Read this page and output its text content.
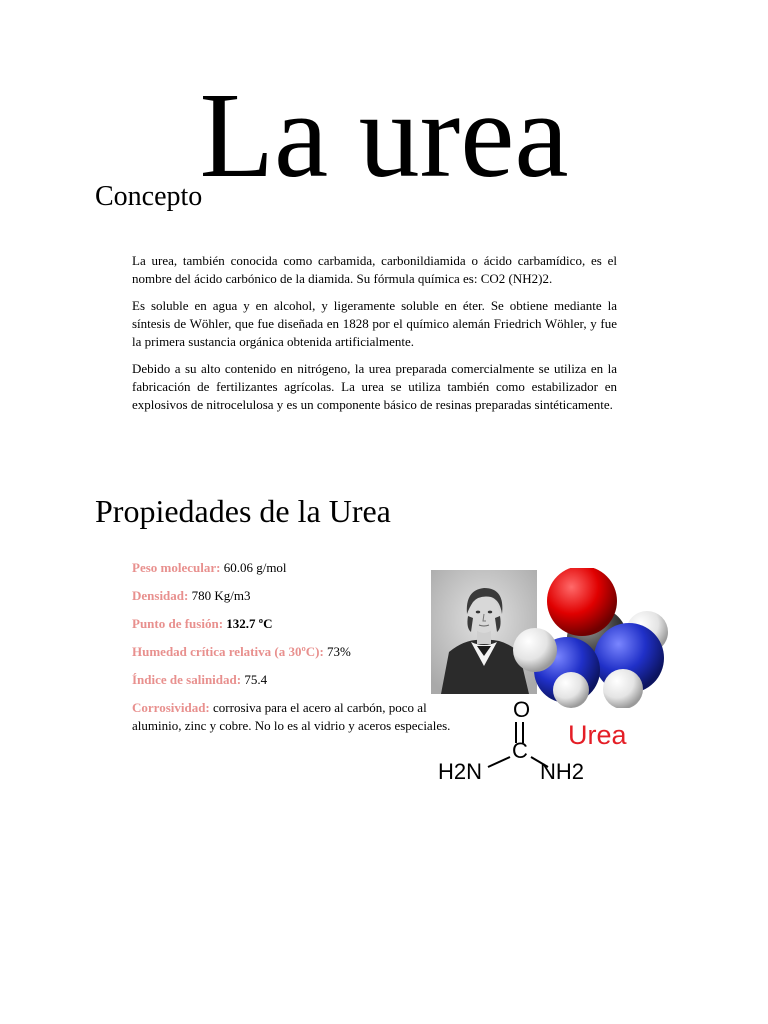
La urea
Concepto

La urea, también conocida como carbamida, carbonildiamida o ácido carbamídico, es el nombre del ácido carbónico de la diamida. Su fórmula química es: CO2 (NH2)2.

Es soluble en agua y en alcohol, y ligeramente soluble en éter. Se obtiene mediante la síntesis de Wöhler, que fue diseñada en 1828 por el químico alemán Friedrich Wöhler, y fue la primera sustancia orgánica obtenida artificialmente.

Debido a su alto contenido en nitrógeno, la urea preparada comercialmente se utiliza en la fabricación de fertilizantes agrícolas. La urea se utiliza también como estabilizador en explosivos de nitrocelulosa y es un componente básico de resinas preparadas sintéticamente.

Propiedades de la Urea
Peso molecular: 60.06 g/mol
Densidad: 780 Kg/m3
Punto de fusión: 132.7 ºC
Humedad crítica relativa (a 30ºC): 73%
Índice de salinidad: 75.4
Corrosividad: corrosiva para el acero al carbón, poco al aluminio, zinc y cobre. No lo es al vidrio y aceros especiales.
O
C
H2N	NH2
Urea
